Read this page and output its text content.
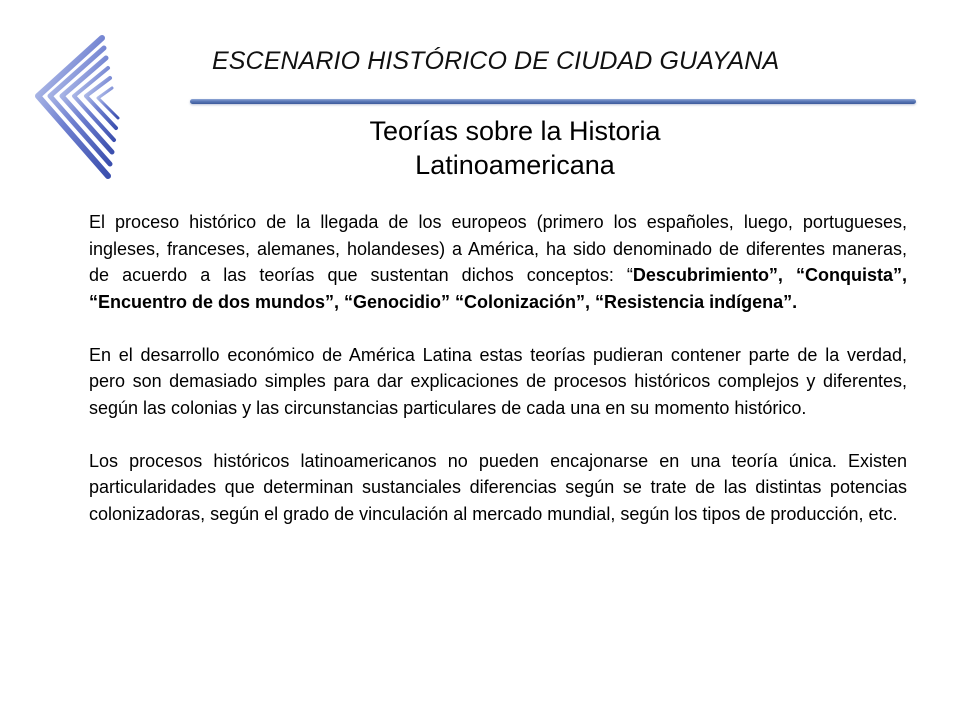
ESCENARIO HISTÓRICO DE CIUDAD GUAYANA
Teorías sobre la Historia
Latinoamericana

El proceso histórico de la llegada de los europeos (primero los españoles, luego, portugueses, ingleses, franceses, alemanes, holandeses) a América, ha sido denominado de diferentes maneras, de acuerdo a las teorías que sustentan dichos conceptos: “Descubrimiento”, “Conquista”, “Encuentro de dos mundos”, “Genocidio” “Colonización”, “Resistencia indígena”.

En el desarrollo económico de América Latina estas teorías pudieran contener parte de la verdad, pero son demasiado simples para dar explicaciones de procesos históricos complejos y diferentes, según las colonias y las circunstancias particulares de cada una en su momento histórico.

Los procesos históricos latinoamericanos no pueden encajonarse en una teoría única. Existen particularidades que determinan sustanciales diferencias según se trate de las distintas potencias colonizadoras, según el grado de vinculación al mercado mundial, según los tipos de producción, etc.
